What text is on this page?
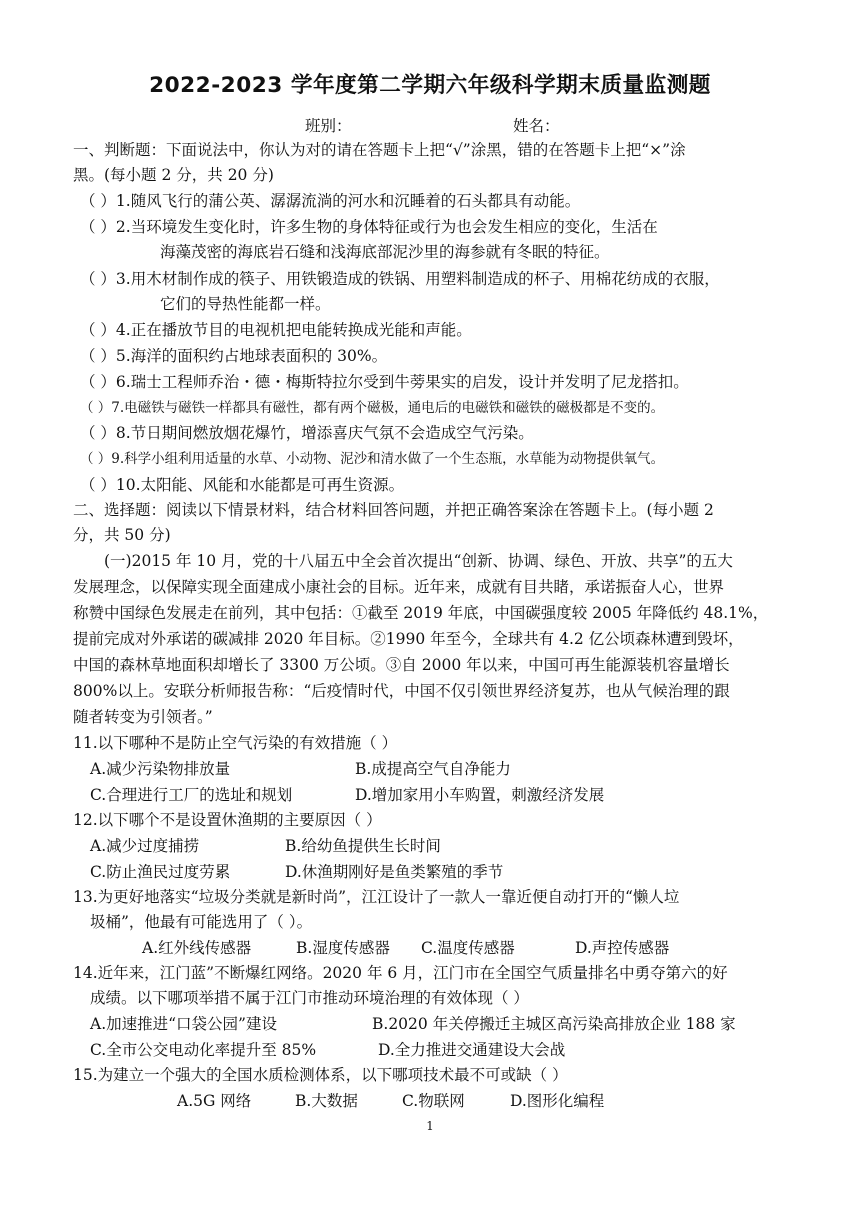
2022-2023 学年度第二学期六年级科学期末质量监测题
班别：	姓名：
一、判断题：下面说法中，你认为对的请在答题卡上把“√”涂黑，错的在答题卡上把“×”涂
黑。(每小题 2 分，共 20 分)
（ ）1.随风飞行的蒲公英、潺潺流淌的河水和沉睡着的石头都具有动能。
（ ）2.当环境发生变化时，许多生物的身体特征或行为也会发生相应的变化，生活在
海藻茂密的海底岩石缝和浅海底部泥沙里的海参就有冬眠的特征。
（ ）3.用木材制作成的筷子、用铁锻造成的铁锅、用塑料制造成的杯子、用棉花纺成的衣服，
它们的导热性能都一样。
（ ）4.正在播放节目的电视机把电能转换成光能和声能。
（ ）5.海洋的面积约占地球表面积的 30%。
（ ）6.瑞士工程师乔治・德・梅斯特拉尔受到牛蒡果实的启发，设计并发明了尼龙搭扣。
（ ）7.电磁铁与磁铁一样都具有磁性，都有两个磁极，通电后的电磁铁和磁铁的磁极都是不变的。
（ ）8.节日期间燃放烟花爆竹，增添喜庆气氛不会造成空气污染。
（ ）9.科学小组利用适量的水草、小动物、泥沙和清水做了一个生态瓶，水草能为动物提供氧气。
（ ）10.太阳能、风能和水能都是可再生资源。
二、选择题：阅读以下情景材料，结合材料回答问题，并把正确答案涂在答题卡上。(每小题 2
分，共 50 分)
(一)2015 年 10 月，党的十八届五中全会首次提出“创新、协调、绿色、开放、共享”的五大
发展理念，以保障实现全面建成小康社会的目标。近年来，成就有目共睹，承诺振奋人心，世界
称赞中国绿色发展走在前列，其中包括：①截至 2019 年底，中国碳强度较 2005 年降低约 48.1%，
提前完成对外承诺的碳减排 2020 年目标。②1990 年至今，全球共有 4.2 亿公顷森林遭到毁坏，
中国的森林草地面积却增长了 3300 万公顷。③自 2000 年以来，中国可再生能源装机容量增长
800%以上。安联分析师报告称：“后疫情时代，中国不仅引领世界经济复苏，也从气候治理的跟
随者转变为引领者。”
11.以下哪种不是防止空气污染的有效措施（ ）
A.减少污染物排放量	B.成提高空气自净能力
C.合理进行工厂的选址和规划	D.增加家用小车购置，刺激经济发展
12.以下哪个不是设置休渔期的主要原因（ ）
A.减少过度捕捞	B.给幼鱼提供生长时间
C.防止渔民过度劳累	D.休渔期刚好是鱼类繁殖的季节
13.为更好地落实“垃圾分类就是新时尚”，江江设计了一款人一靠近便自动打开的“懒人垃
圾桶”，他最有可能选用了（ ）。
A.红外线传感器	B.湿度传感器 C.温度传感器	D.声控传感器
14.近年来，江门蓝”不断爆红网络。2020 年 6 月，江门市在全国空气质量排名中勇夺第六的好
成绩。以下哪项举措不属于江门市推动环境治理的有效体现（ ）
A.加速推进“口袋公园”建设	B.2020 年关停搬迁主城区高污染高排放企业 188 家
C.全市公交电动化率提升至 85%	D.全力推进交通建设大会战
15.为建立一个强大的全国水质检测体系，以下哪项技术最不可或缺（ ）
A.5G 网络	B.大数据	C.物联网	D.图形化编程
1
